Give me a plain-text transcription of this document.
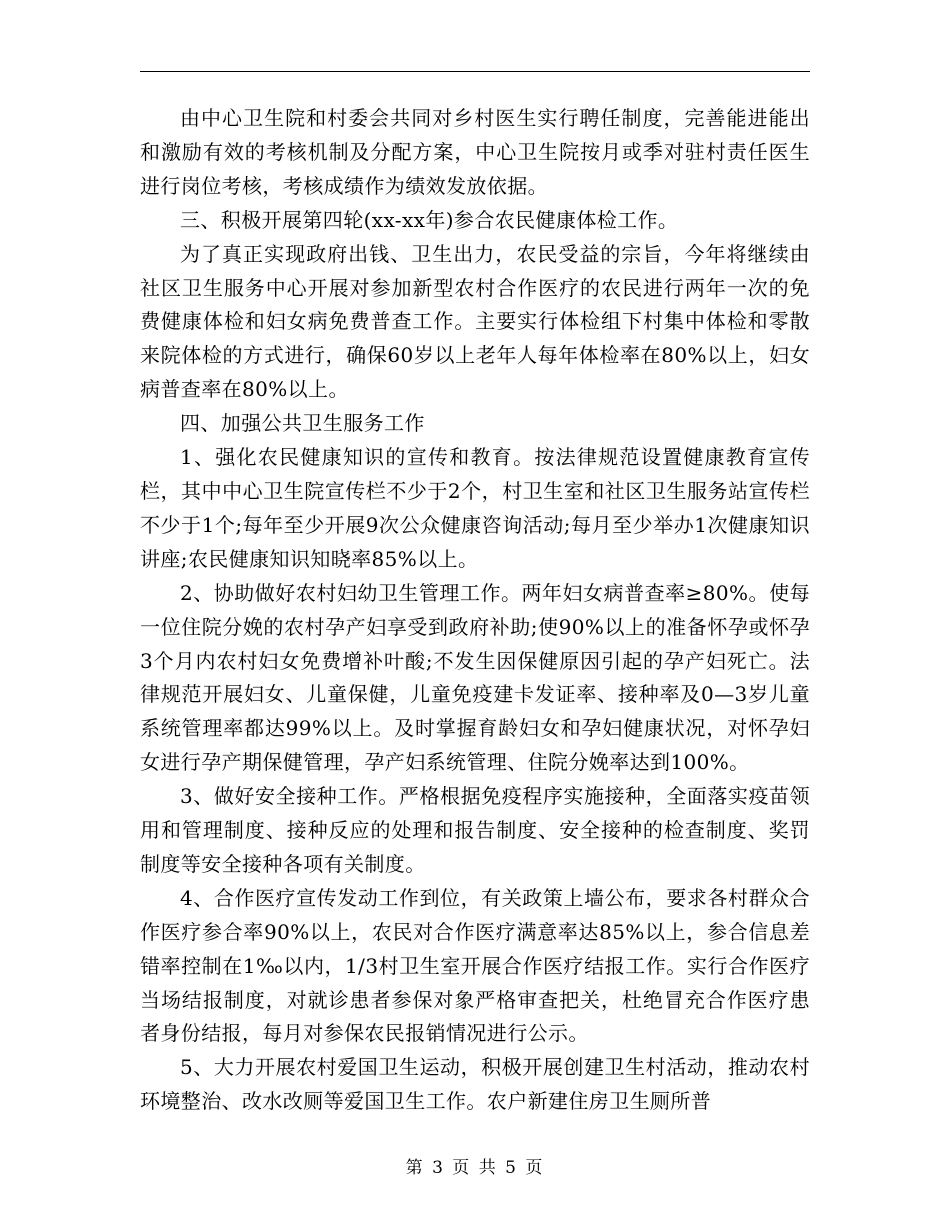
由中心卫生院和村委会共同对乡村医生实行聘任制度，完善能进能出和激励有效的考核机制及分配方案，中心卫生院按月或季对驻村责任医生进行岗位考核，考核成绩作为绩效发放依据。

三、积极开展第四轮(xx-xx年)参合农民健康体检工作。

为了真正实现政府出钱、卫生出力，农民受益的宗旨，今年将继续由社区卫生服务中心开展对参加新型农村合作医疗的农民进行两年一次的免费健康体检和妇女病免费普查工作。主要实行体检组下村集中体检和零散来院体检的方式进行，确保60岁以上老年人每年体检率在80%以上，妇女病普查率在80%以上。

四、加强公共卫生服务工作

1、强化农民健康知识的宣传和教育。按法律规范设置健康教育宣传栏，其中中心卫生院宣传栏不少于2个，村卫生室和社区卫生服务站宣传栏不少于1个;每年至少开展9次公众健康咨询活动;每月至少举办1次健康知识讲座;农民健康知识知晓率85%以上。

2、协助做好农村妇幼卫生管理工作。两年妇女病普查率≥80%。使每一位住院分娩的农村孕产妇享受到政府补助;使90%以上的准备怀孕或怀孕3个月内农村妇女免费增补叶酸;不发生因保健原因引起的孕产妇死亡。法律规范开展妇女、儿童保健，儿童免疫建卡发证率、接种率及0—3岁儿童系统管理率都达99%以上。及时掌握育龄妇女和孕妇健康状况，对怀孕妇女进行孕产期保健管理，孕产妇系统管理、住院分娩率达到100%。

3、做好安全接种工作。严格根据免疫程序实施接种，全面落实疫苗领用和管理制度、接种反应的处理和报告制度、安全接种的检查制度、奖罚制度等安全接种各项有关制度。

4、合作医疗宣传发动工作到位，有关政策上墙公布，要求各村群众合作医疗参合率90%以上，农民对合作医疗满意率达85%以上，参合信息差错率控制在1‰以内，1/3村卫生室开展合作医疗结报工作。实行合作医疗当场结报制度，对就诊患者参保对象严格审查把关，杜绝冒充合作医疗患者身份结报，每月对参保农民报销情况进行公示。

5、大力开展农村爱国卫生运动，积极开展创建卫生村活动，推动农村环境整治、改水改厕等爱国卫生工作。农户新建住房卫生厕所普

第 3 页 共 5 页
